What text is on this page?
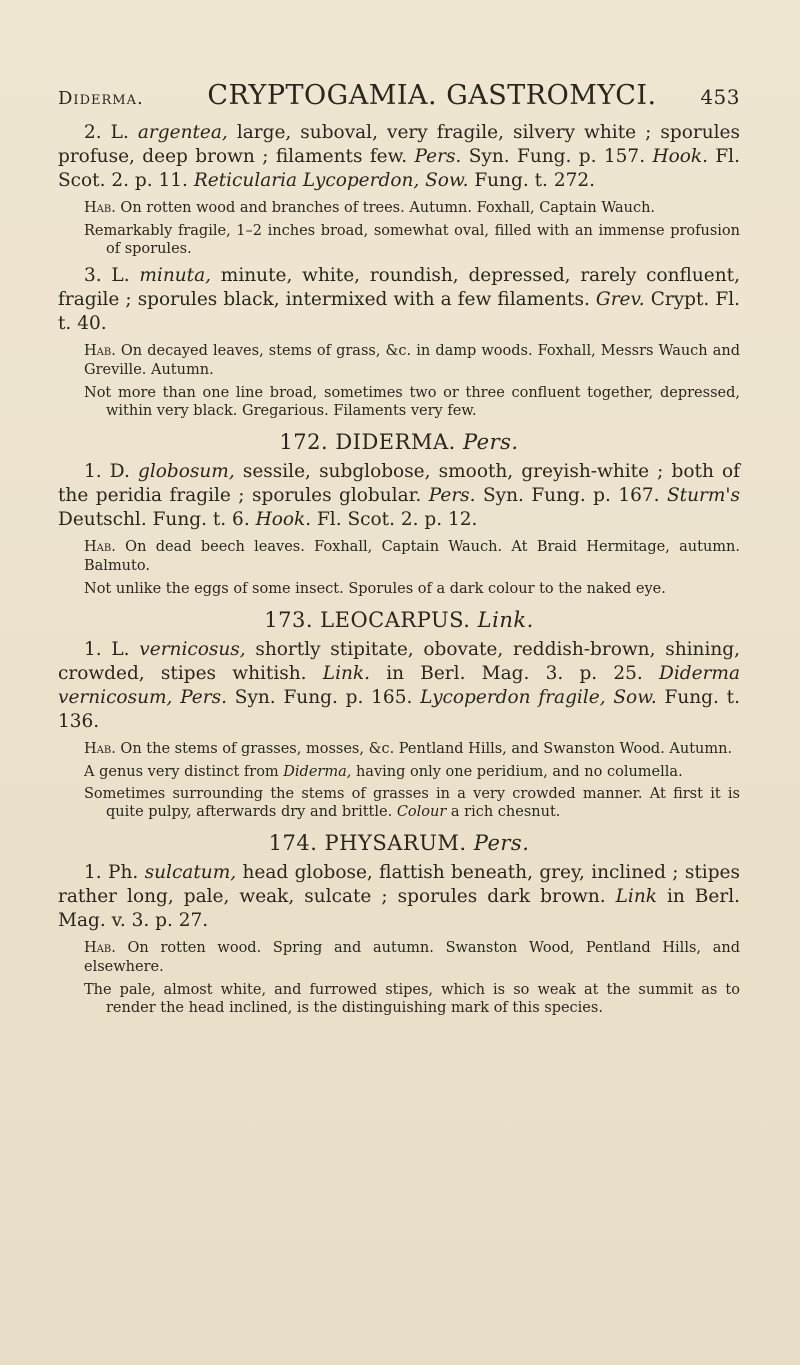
Diderma.	CRYPTOGAMIA. GASTROMYCI.	453

2. L. argentea, large, suboval, very fragile, silvery white ; sporules profuse, deep brown ; filaments few. Pers. Syn. Fung. p. 157. Hook. Fl. Scot. 2. p. 11. Reticularia Lycoperdon, Sow. Fung. t. 272.

Hab. On rotten wood and branches of trees. Autumn. Foxhall, Captain Wauch.

Remarkably fragile, 1–2 inches broad, somewhat oval, filled with an immense profusion of sporules.

3. L. minuta, minute, white, roundish, depressed, rarely confluent, fragile ; sporules black, intermixed with a few filaments. Grev. Crypt. Fl. t. 40.

Hab. On decayed leaves, stems of grass, &c. in damp woods. Foxhall, Messrs Wauch and Greville. Autumn.

Not more than one line broad, sometimes two or three confluent together, depressed, within very black. Gregarious. Filaments very few.

172. DIDERMA. Pers.

1. D. globosum, sessile, subglobose, smooth, greyish-white ; both of the peridia fragile ; sporules globular. Pers. Syn. Fung. p. 167. Sturm's Deutschl. Fung. t. 6. Hook. Fl. Scot. 2. p. 12.

Hab. On dead beech leaves. Foxhall, Captain Wauch. At Braid Hermitage, autumn. Balmuto.

Not unlike the eggs of some insect. Sporules of a dark colour to the naked eye.

173. LEOCARPUS. Link.

1. L. vernicosus, shortly stipitate, obovate, reddish-brown, shining, crowded, stipes whitish. Link. in Berl. Mag. 3. p. 25. Diderma vernicosum, Pers. Syn. Fung. p. 165. Lycoperdon fragile, Sow. Fung. t. 136.

Hab. On the stems of grasses, mosses, &c. Pentland Hills, and Swanston Wood. Autumn.

A genus very distinct from Diderma, having only one peridium, and no columella.

Sometimes surrounding the stems of grasses in a very crowded manner. At first it is quite pulpy, afterwards dry and brittle. Colour a rich chesnut.

174. PHYSARUM. Pers.

1. Ph. sulcatum, head globose, flattish beneath, grey, inclined ; stipes rather long, pale, weak, sulcate ; sporules dark brown. Link in Berl. Mag. v. 3. p. 27.

Hab. On rotten wood. Spring and autumn. Swanston Wood, Pentland Hills, and elsewhere.

The pale, almost white, and furrowed stipes, which is so weak at the summit as to render the head inclined, is the distinguishing mark of this species.
